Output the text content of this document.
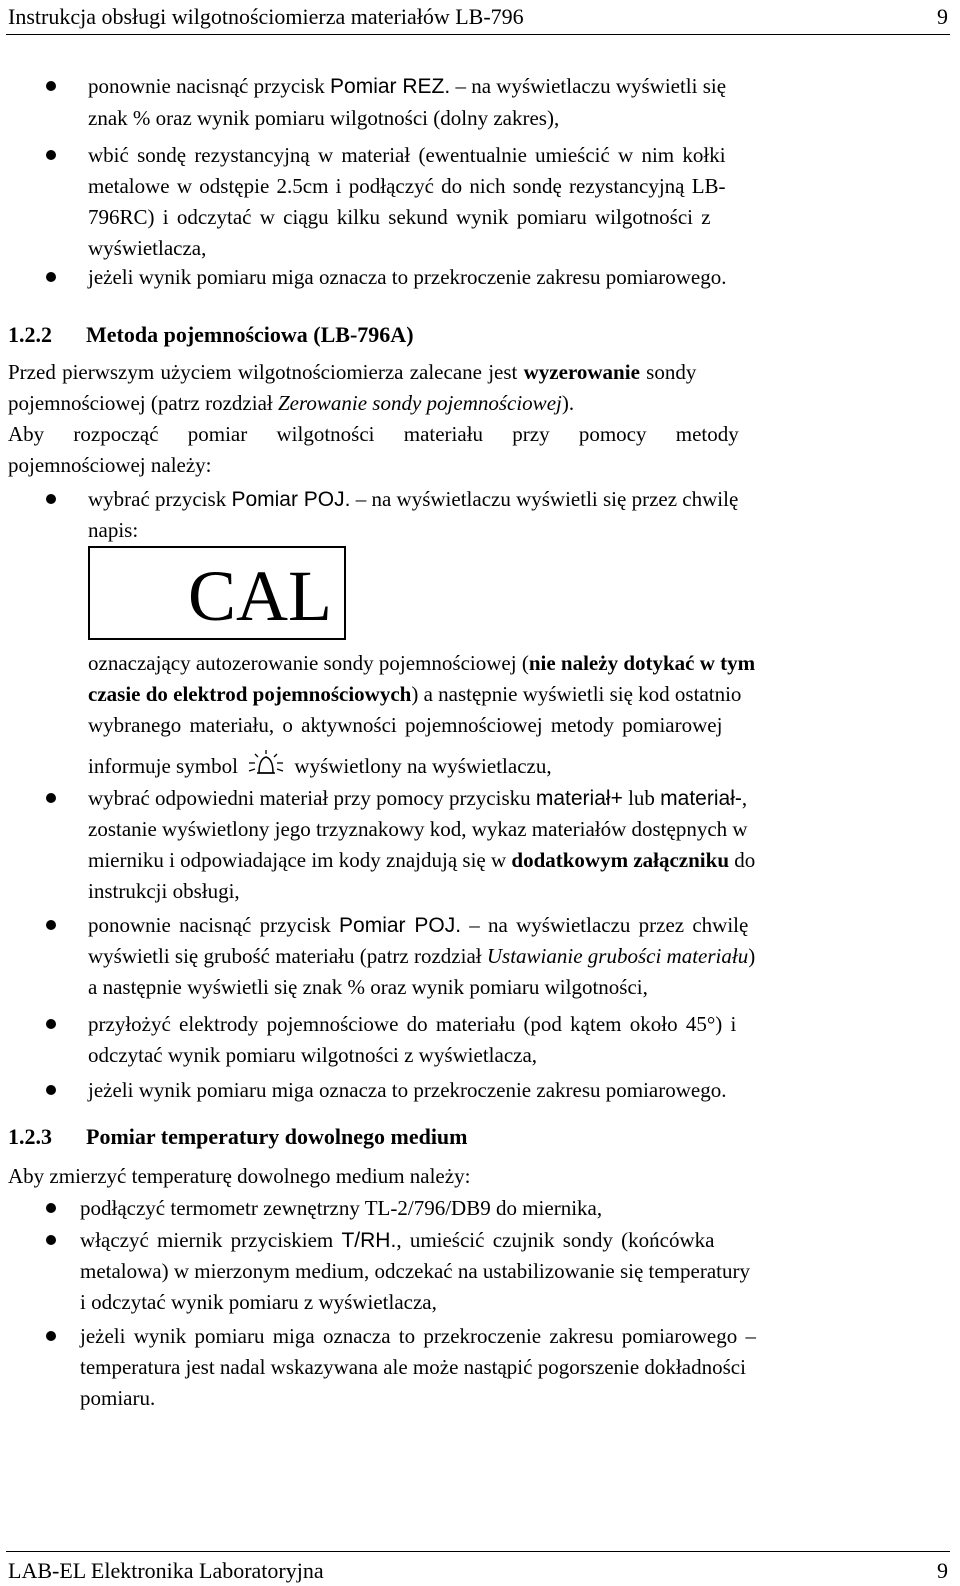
Instrukcja obsługi wilgotnościomierza materiałów LB-796	9
ponownie nacisnąć przycisk Pomiar REZ. – na wyświetlaczu wyświetli się
znak % oraz wynik pomiaru wilgotności (dolny zakres),
wbić sondę rezystancyjną w materiał (ewentualnie umieścić w nim kołki
metalowe w odstępie 2.5cm i podłączyć do nich sondę rezystancyjną LB-
796RC) i odczytać w ciągu kilku sekund wynik pomiaru wilgotności z
wyświetlacza,
jeżeli wynik pomiaru miga oznacza to przekroczenie zakresu pomiarowego.
1.2.2 Metoda pojemnościowa (LB-796A)
Przed pierwszym użyciem wilgotnościomierza zalecane jest wyzerowanie sondy
pojemnościowej (patrz rozdział Zerowanie sondy pojemnościowej).
Aby rozpocząć pomiar wilgotności materiału przy pomocy metody
pojemnościowej należy:
wybrać przycisk Pomiar POJ. – na wyświetlaczu wyświetli się przez chwilę
napis:
CAL
oznaczający autozerowanie sondy pojemnościowej (nie należy dotykać w tym
czasie do elektrod pojemnościowych) a następnie wyświetli się kod ostatnio
wybranego materiału, o aktywności pojemnościowej metody pomiarowej
informuje symbol  wyświetlony na wyświetlaczu,
wybrać odpowiedni materiał przy pomocy przycisku materiał+ lub materiał-,
zostanie wyświetlony jego trzyznakowy kod, wykaz materiałów dostępnych w
mierniku i odpowiadające im kody znajdują się w dodatkowym załączniku do
instrukcji obsługi,
ponownie nacisnąć przycisk Pomiar POJ. – na wyświetlaczu przez chwilę
wyświetli się grubość materiału (patrz rozdział Ustawianie grubości materiału)
a następnie wyświetli się znak % oraz wynik pomiaru wilgotności,
przyłożyć elektrody pojemnościowe do materiału (pod kątem około 45°) i
odczytać wynik pomiaru wilgotności z wyświetlacza,
jeżeli wynik pomiaru miga oznacza to przekroczenie zakresu pomiarowego.
1.2.3 Pomiar temperatury dowolnego medium
Aby zmierzyć temperaturę dowolnego medium należy:
podłączyć termometr zewnętrzny TL-2/796/DB9 do miernika,
włączyć miernik przyciskiem T/RH., umieścić czujnik sondy (końcówka
metalowa) w mierzonym medium, odczekać na ustabilizowanie się temperatury
i odczytać wynik pomiaru z wyświetlacza,
jeżeli wynik pomiaru miga oznacza to przekroczenie zakresu pomiarowego –
temperatura jest nadal wskazywana ale może nastąpić pogorszenie dokładności
pomiaru.
LAB-EL Elektronika Laboratoryjna	9
